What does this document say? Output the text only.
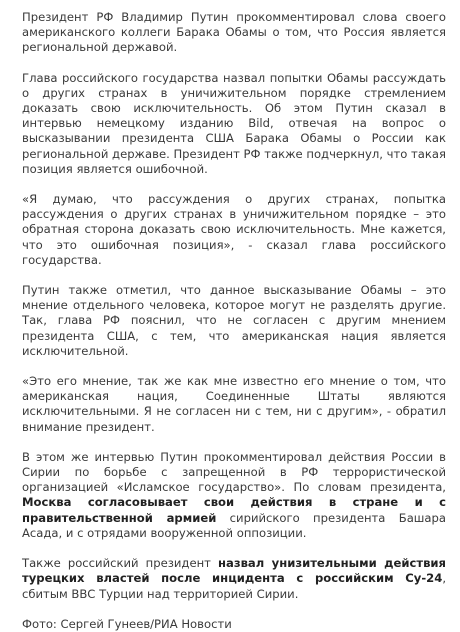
Президент РФ Владимир Путин прокомментировал слова своего американского коллеги Барака Обамы о том, что Россия является региональной державой.

Глава российского государства назвал попытки Обамы рассуждать о других странах в уничижительном порядке стремлением доказать свою исключительность. Об этом Путин сказал в интервью немецкому изданию Bild, отвечая на вопрос о высказывании президента США Барака Обамы о России как региональной державе. Президент РФ также подчеркнул, что такая позиция является ошибочной.

«Я думаю, что рассуждения о других странах, попытка рассуждения о других странах в уничижительном порядке – это обратная сторона доказать свою исключительность. Мне кажется, что это ошибочная позиция», - сказал глава российского государства.

Путин также отметил, что данное высказывание Обамы – это мнение отдельного человека, которое могут не разделять другие. Так, глава РФ пояснил, что не согласен с другим мнением президента США, с тем, что американская нация является исключительной.

«Это его мнение, так же как мне известно его мнение о том, что американская нация, Соединенные Штаты являются исключительными. Я не согласен ни с тем, ни с другим», - обратил внимание президент.

В этом же интервью Путин прокомментировал действия России в Сирии по борьбе с запрещенной в РФ террористической организацией «Исламское государство». По словам президента, Москва согласовывает свои действия в стране и с правительственной армией сирийского президента Башара Асада, и с отрядами вооруженной оппозиции.

Также российский президент назвал унизительными действия турецких властей после инцидента с российским Су-24, сбитым ВВС Турции над территорией Сирии.

Фото: Сергей Гунеев/РИА Новости
